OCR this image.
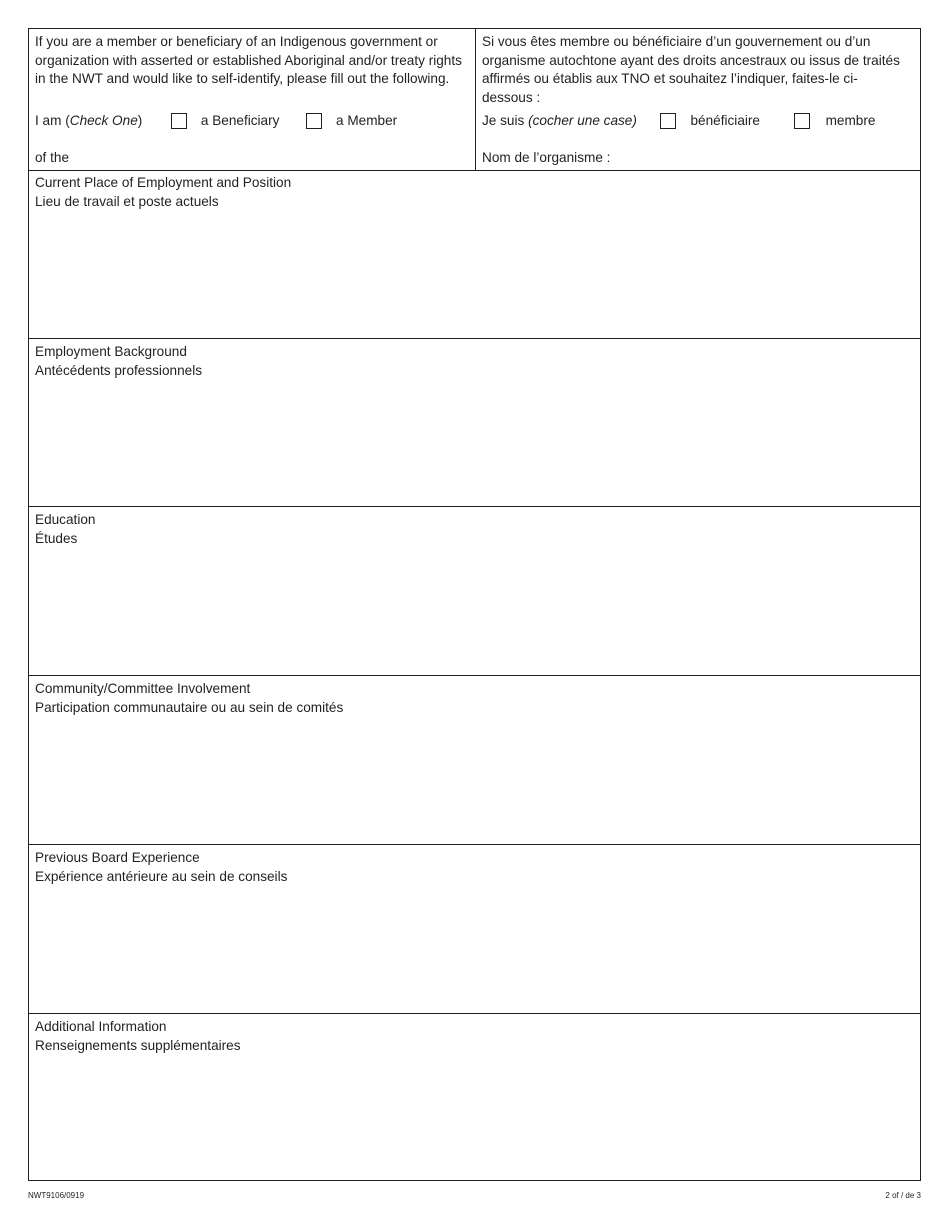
If you are a member or beneficiary of an Indigenous government or organization with asserted or established Aboriginal and/or treaty rights in the NWT and would like to self-identify, please fill out the following.

I am (Check One)	a Beneficiary	a Member
of the

Si vous êtes membre ou bénéficiaire d’un gouvernement ou d’un organisme autochtone ayant des droits ancestraux ou issus de traités affirmés ou établis aux TNO et souhaitez l’indiquer, faites-le ci-dessous :

Je suis (cocher une case)	bénéficiaire	membre
Nom de l’organisme :
Current Place of Employment and Position
Lieu de travail et poste actuels
Employment Background
Antécédents professionnels
Education
Études
Community/Committee Involvement
Participation communautaire ou au sein de comités
Previous Board Experience
Expérience antérieure au sein de conseils
Additional Information
Renseignements supplémentaires
NWT9106/0919	2 of / de 3
